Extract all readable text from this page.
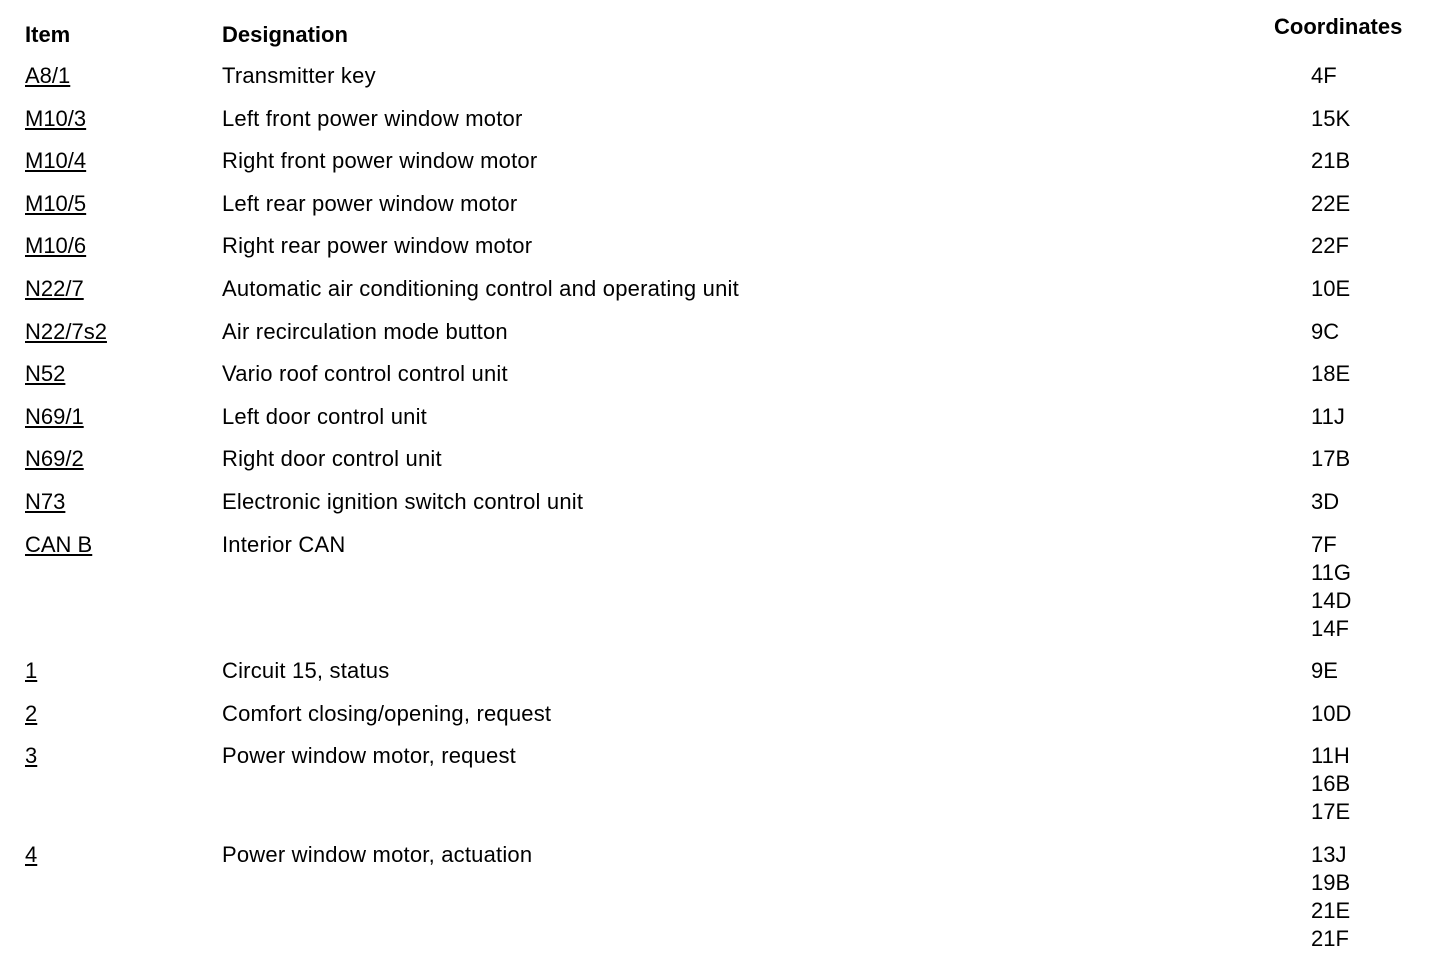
Item	Designation	Coordinates
A8/1	Transmitter key	4F
M10/3	Left front power window motor	15K
M10/4	Right front power window motor	21B
M10/5	Left rear power window motor	22E
M10/6	Right rear power window motor	22F
N22/7	Automatic air conditioning control and operating unit	10E
N22/7s2	Air recirculation mode button	9C
N52	Vario roof control control unit	18E
N69/1	Left door control unit	11J
N69/2	Right door control unit	17B
N73	Electronic ignition switch control unit	3D
CAN B	Interior CAN	7F
11G
14D
14F
1	Circuit 15, status	9E
2	Comfort closing/opening, request	10D
3	Power window motor, request	11H
16B
17E
4	Power window motor, actuation	13J
19B
21E
21F
